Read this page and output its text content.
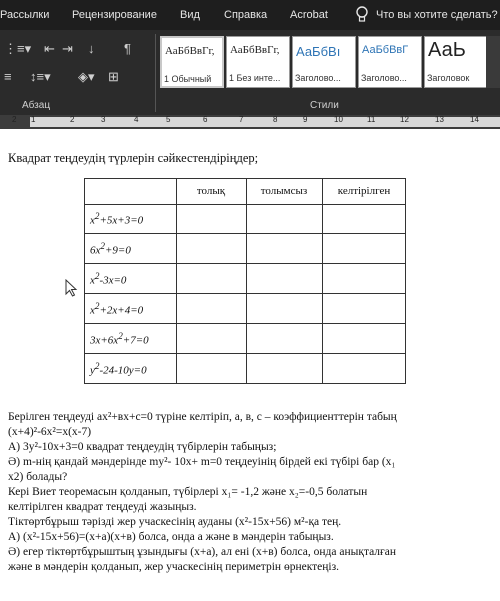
Рассылки Рецензирование Вид Справка Acrobat	Что вы хотите сделать?
⋮≡▾ ⇤ ⇥ ↓ ¶
≡ ↕≡▾ ◈▾ ⊞
Абзац
АаБбВвГг,
1 Обычный
АаБбВвГг,
1 Без инте...
АаБбВı
Заголово...
АаБбВвГ
Заголово...
АаЬ
Заголовок
Стили
2 1	2	3	4	5	6	7	8	9	10	11	12	13	14
Квадрат теңдеудің түрлерін сәйкестендіріңдер;
толық	толымсыз	келтірілген
$x^2+5x+3=0$
$6x^2+9=0$
$x^2-3x=0$
$x^2+2x+4=0$
$3x+6x^2+7=0$
$y^2-24-10y=0$
Берілген теңдеуді ax²+вx+c=0 түріне келтіріп, а, в, с – коэффициенттерін табың
(x+4)²-6x²=x(x-7)
А) 3y²-10x+3=0 квадрат теңдеудің түбірлерін табыңыз;
Ә) m-нің қандай мәндерінде my²- 10x+ m=0 теңдеуінің бірдей екі түбірі бар (x₁
x2) болады?
Кері Виет теоремасын қолданып, түбірлері x₁= -1,2 және x₂=-0,5 болатын
келтірілген квадрат теңдеуді жазыңыз.
Тіктөртбұрыш тәрізді жер учаскесінің ауданы (x²-15x+56) м²-қа тең.
А) (x²-15x+56)=(x+a)(x+в) болса, онда а және в мәндерін табыңыз.
Ә) егер тіктөртбұрыштың ұзындығы (x+a), ал ені (x+в) болса, онда анықталған
және в мәндерін қолданып, жер учаскесінің периметрін өрнектеңіз.
